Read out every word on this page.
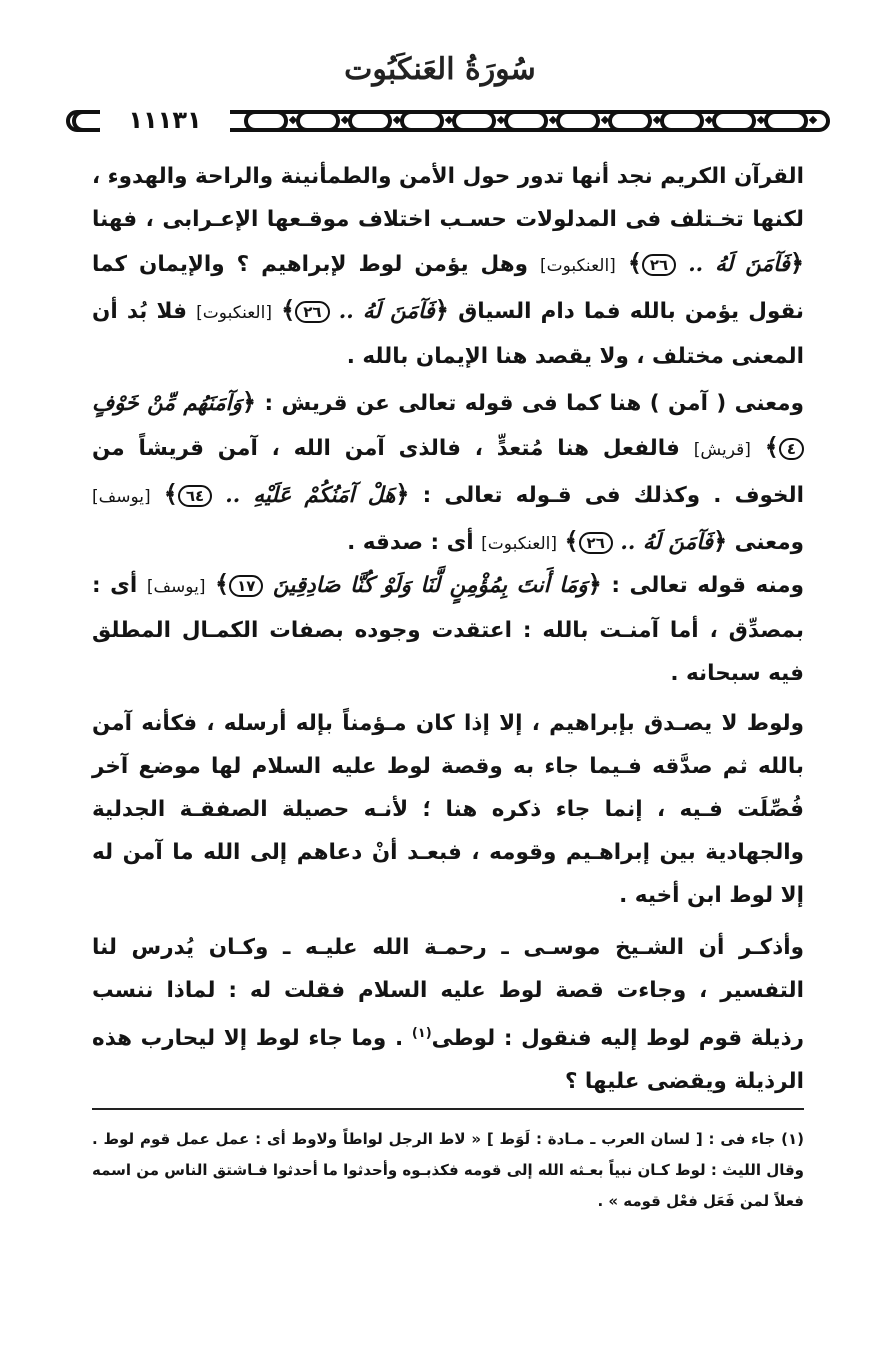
سُورَةُ العَنكَبُوت
١١١٣١

القرآن الكريم نجد أنها تدور حول الأمن والطمأنينة والراحة والهدوء ، لكنها تخـتلف فى المدلولات حسـب اختلاف موقـعها الإعـرابى ، فهنا ﴿فَآمَنَ لَهُ .. ٢٦﴾ [العنكبوت] وهل يؤمن لوط لإبراهيم ؟ والإيمان كما نقول يؤمن بالله فما دام السياق ﴿فَآمَنَ لَهُ .. ٢٦﴾ [العنكبوت] فلا بُد أن المعنى مختلف ، ولا يقصد هنا الإيمان بالله .

ومعنى ( آمن ) هنا كما فى قوله تعالى عن قريش : ﴿وَآمَنَهُم مِّنْ خَوْفٍ ٤﴾ [قريش] فالفعل هنا مُتعدٍّ ، فالذى آمن الله ، آمن قريشاً من الخوف . وكذلك فى قـوله تعالى : ﴿هَلْ آمَنُكُمْ عَلَيْهِ .. ٦٤﴾ [يوسف] ومعنى ﴿فَآمَنَ لَهُ .. ٢٦﴾ [العنكبوت] أى : صدقه .

ومنه قوله تعالى : ﴿وَمَا أَنتَ بِمُؤْمِنٍ لَّنَا وَلَوْ كُنَّا صَادِقِينَ ١٧﴾ [يوسف] أى : بمصدِّق ، أما آمنـت بالله : اعتقدت وجوده بصفات الكمـال المطلق فيه سبحانه .

ولوط لا يصـدق بإبراهيم ، إلا إذا كان مـؤمناً بإله أرسله ، فكأنه آمن بالله ثم صدَّقه فـيما جاء به وقصة لوط عليه السلام لها موضع آخر فُصِّلَت فـيه ، إنما جاء ذكره هنا ؛ لأنـه حصيلة الصفقـة الجدلية والجهادية بين إبراهـيم وقومه ، فبعـد أنْ دعاهم إلى الله ما آمن له إلا لوط ابن أخيه .

وأذكـر أن الشـيخ موسـى ـ رحمـة الله عليـه ـ وكـان يُدرس لنا التفسير ، وجاءت قصة لوط عليه السلام فقلت له : لماذا ننسب رذيلة قوم لوط إليه فنقول : لوطى$^{(١)}$ . وما جاء لوط إلا ليحارب هذه الرذيلة ويقضى عليها ؟

(١) جاء فى : [ لسان العرب ـ مـادة : لَوَط ] « لاط الرجل لواطاً ولاوط أى : عمل عمل قوم لوط . وقال الليث : لوط كـان نبياً بعـثه الله إلى قومه فكذبـوه وأحدثوا ما أحدثوا فـاشتق الناس من اسمه فعلاً لمن فَعَل فعْل قومه » .
